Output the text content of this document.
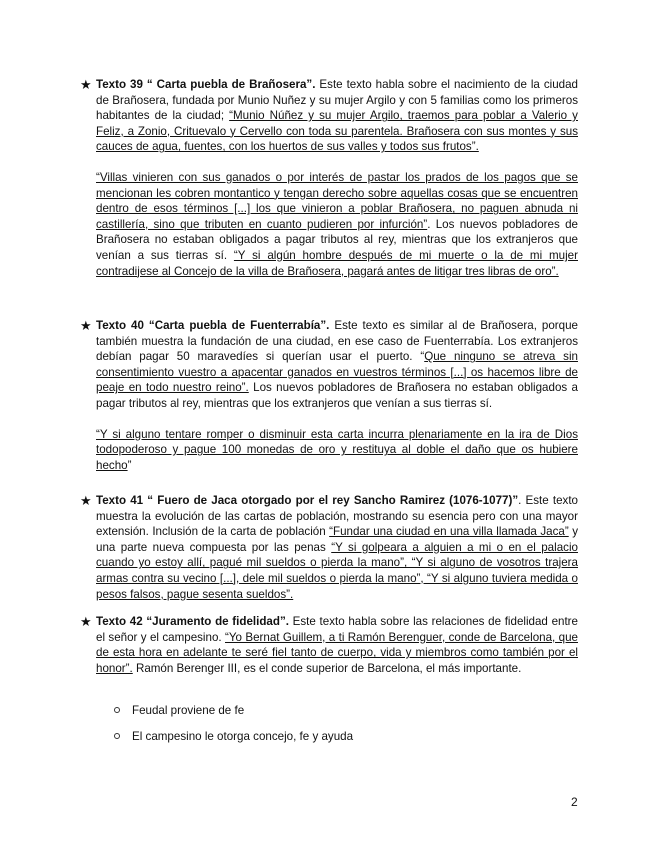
★ Texto 39 “ Carta puebla de Brañosera”. Este texto habla sobre el nacimiento de la ciudad de Brañosera, fundada por Munio Nuñez y su mujer Argilo y con 5 familias como los primeros habitantes de la ciudad; “Munio Núñez y su mujer Argilo, traemos para poblar a Valerio y Feliz, a Zonio, Crituevalo y Cervello con toda su parentela. Brañosera con sus montes y sus cauces de agua, fuentes, con los huertos de sus valles y todos sus frutos”.

“Villas vinieren con sus ganados o por interés de pastar los prados de los pagos que se mencionan les cobren montantico y tengan derecho sobre aquellas cosas que se encuentren dentro de esos términos [...] los que vinieron a poblar Brañosera, no paguen abnuda ni castillería, sino que tributen en cuanto pudieren por infurción”. Los nuevos pobladores de Brañosera no estaban obligados a pagar tributos al rey, mientras que los extranjeros que venían a sus tierras sí. “Y si algún hombre después de mi muerte o la de mi mujer contradijese al Concejo de la villa de Brañosera, pagará antes de litigar tres libras de oro”.

★ Texto 40 “Carta puebla de Fuenterrabía”. Este texto es similar al de Brañosera, porque también muestra la fundación de una ciudad, en ese caso de Fuenterrabía. Los extranjeros debían pagar 50 maravedíes si querían usar el puerto. “Que ninguno se atreva sin consentimiento vuestro a apacentar ganados en vuestros términos [...] os hacemos libre de peaje en todo nuestro reino”. Los nuevos pobladores de Brañosera no estaban obligados a pagar tributos al rey, mientras que los extranjeros que venían a sus tierras sí.

“Y si alguno tentare romper o disminuir esta carta incurra plenariamente en la ira de Dios todopoderoso y pague 100 monedas de oro y restituya al doble el daño que os hubiere hecho”

★ Texto 41 “ Fuero de Jaca otorgado por el rey Sancho Ramirez (1076-1077)”. Este texto muestra la evolución de las cartas de población, mostrando su esencia pero con una mayor extensión. Inclusión de la carta de población “Fundar una ciudad en una villa llamada Jaca” y una parte nueva compuesta por las penas “Y si golpeara a alguien a mi o en el palacio cuando yo estoy allí, pagué mil sueldos o pierda la mano”, “Y si alguno de vosotros trajera armas contra su vecino [...], dele mil sueldos o pierda la mano”, “Y si alguno tuviera medida o pesos falsos, pague sesenta sueldos”.

★ Texto 42 “Juramento de fidelidad”. Este texto habla sobre las relaciones de fidelidad entre el señor y el campesino. “Yo Bernat Guillem, a ti Ramón Berenguer, conde de Barcelona, que de esta hora en adelante te seré fiel tanto de cuerpo, vida y miembros como también por el honor”. Ramón Berenger III, es el conde superior de Barcelona, el más importante.

Feudal proviene de fe
El campesino le otorga concejo, fe y ayuda
2
